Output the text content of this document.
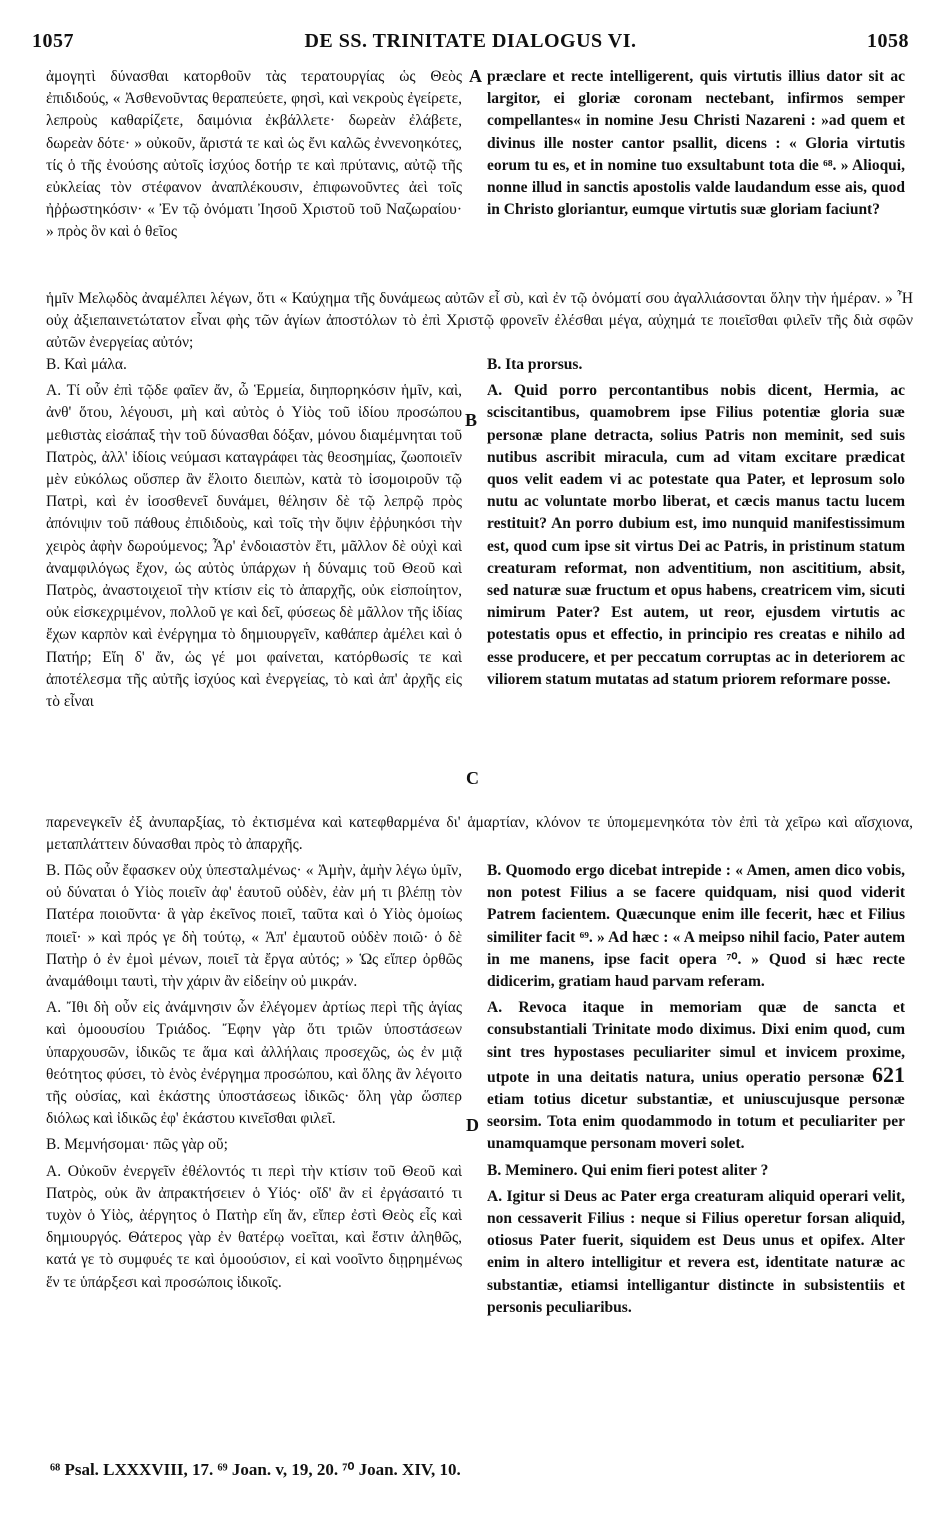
1057	DE SS. TRINITATE DIALOGUS VI.	1058
A
B
C
D

ἀμογητὶ δύνασθαι κατορθοῦν τὰς τερατουργίας ὡς Θεὸς ἐπιδιδούς, « Ἀσθενοῦντας θεραπεύετε, φησὶ, καὶ νεκροὺς ἐγείρετε, λεπροὺς καθαρίζετε, δαιμόνια ἐκβάλλετε· δωρεὰν ἐλάβετε, δωρεὰν δότε· » οὐκοῦν, ἄριστά τε καὶ ὡς ἔνι καλῶς ἐννενοηκότες, τίς ὁ τῆς ἐνούσης αὐτοῖς ἰσχύος δοτήρ τε καὶ πρύτανις, αὐτῷ τῆς εὐκλείας τὸν στέφανον ἀναπλέκουσιν, ἐπιφωνοῦντες ἀεὶ τοῖς ἠῤῥωστηκόσιν· « Ἐν τῷ ὀνόματι Ἰησοῦ Χριστοῦ τοῦ Ναζωραίου· » πρὸς ὃν καὶ ὁ θεῖος

præclare et recte intelligerent, quis virtutis illius dator sit ac largitor, ei gloriæ coronam nectebant, infirmos semper compellantes« in nomine Jesu Christi Nazareni : »ad quem et divinus ille noster cantor psallit, dicens : « Gloria virtutis eorum tu es, et in nomine tuo exsultabunt tota die ⁶⁸. » Alioqui, nonne illud in sanctis apostolis valde laudandum esse ais, quod in Christo gloriantur, eumque virtutis suæ gloriam faciunt?

ἡμῖν Μελῳδὸς ἀναμέλπει λέγων, ὅτι « Καύχημα τῆς δυνάμεως αὐτῶν εἶ σὺ, καὶ ἐν τῷ ὀνόματί σου ἀγαλλιάσονται ὅλην τὴν ἡμέραν. » Ἦ οὐχ ἀξιεπαινετώτατον εἶναι φὴς τῶν ἁγίων ἀποστόλων τὸ ἐπὶ Χριστῷ φρονεῖν ἐλέσθαι μέγα, αὐχημά τε ποιεῖσθαι φιλεῖν τῆς διὰ σφῶν αὐτῶν ἐνεργείας αὐτόν;

B. Καὶ μάλα.

A. Τί οὖν ἐπὶ τῷδε φαῖεν ἄν, ὦ Ἑρμεία, διηπορηκόσιν ἡμῖν, καὶ, ἀνθ' ὅτου, λέγουσι, μὴ καὶ αὐτὸς ὁ Υἱὸς τοῦ ἰδίου προσώπου μεθιστὰς εἰσάπαξ τὴν τοῦ δύνασθαι δόξαν, μόνου διαμέμνηται τοῦ Πατρὸς, ἀλλ' ἰδίοις νεύμασι καταγράφει τὰς θεοσημίας, ζωοποιεῖν μὲν εὐκόλως οὕσπερ ἂν ἕλοιτο διειπὼν, κατὰ τὸ ἰσομοιροῦν τῷ Πατρὶ, καὶ ἐν ἰσοσθενεῖ δυνάμει, θέλησιν δὲ τῷ λεπρῷ πρὸς ἀπόνιψιν τοῦ πάθους ἐπιδιδοὺς, καὶ τοῖς τὴν ὄψιν ἐῤῥυηκόσι τὴν χειρὸς ἀφὴν δωρούμενος; Ἆρ' ἐνδοιαστὸν ἔτι, μᾶλλον δὲ οὐχὶ καὶ ἀναμφιλόγως ἔχον, ὡς αὐτὸς ὑπάρχων ἡ δύναμις τοῦ Θεοῦ καὶ Πατρὸς, ἀναστοιχειοῖ τὴν κτίσιν εἰς τὸ ἀπαρχῆς, οὐκ εἰσποίητον, οὐκ εἰσκεχριμένον, πολλοῦ γε καὶ δεῖ, φύσεως δὲ μᾶλλον τῆς ἰδίας ἔχων καρπὸν καὶ ἐνέργημα τὸ δημιουργεῖν, καθάπερ ἀμέλει καὶ ὁ Πατήρ; Εἴη δ' ἄν, ὡς γέ μοι φαίνεται, κατόρθωσίς τε καὶ ἀποτέλεσμα τῆς αὐτῆς ἰσχύος καὶ ἐνεργείας, τὸ καὶ ἀπ' ἀρχῆς εἰς τὸ εἶναι

B. Ita prorsus.

A. Quid porro percontantibus nobis dicent, Hermia, ac sciscitantibus, quamobrem ipse Filius potentiæ gloria suæ personæ plane detracta, solius Patris non meminit, sed suis nutibus ascribit miracula, cum ad vitam excitare prædicat quos velit eadem vi ac potestate qua Pater, et leprosum solo nutu ac voluntate morbo liberat, et cæcis manus tactu lucem restituit? An porro dubium est, imo nunquid manifestissimum est, quod cum ipse sit virtus Dei ac Patris, in pristinum statum creaturam reformat, non adventitium, non ascititium, absit, sed naturæ suæ fructum et opus habens, creatricem vim, sicuti nimirum Pater? Est autem, ut reor, ejusdem virtutis ac potestatis opus et effectio, in principio res creatas e nihilo ad esse producere, et per peccatum corruptas ac in deteriorem ac viliorem statum mutatas ad statum priorem reformare posse.

παρενεγκεῖν ἐξ ἀνυπαρξίας, τὸ ἐκτισμένα καὶ κατεφθαρμένα δι' ἁμαρτίαν, κλόνον τε ὑπομεμενηκότα τὸν ἐπὶ τὰ χεῖρω καὶ αἴσχιονα, μεταπλάττειν δύνασθαι πρὸς τὸ ἀπαρχῆς.

B. Πῶς οὖν ἔφασκεν οὐχ ὑπεσταλμένως· « Ἀμὴν, ἀμὴν λέγω ὑμῖν, οὐ δύναται ὁ Υἱὸς ποιεῖν ἀφ' ἑαυτοῦ οὐδὲν, ἐὰν μή τι βλέπῃ τὸν Πατέρα ποιοῦντα· ἃ γὰρ ἐκεῖνος ποιεῖ, ταῦτα καὶ ὁ Υἱὸς ὁμοίως ποιεῖ· » καὶ πρός γε δὴ τούτῳ, « Ἀπ' ἐμαυτοῦ οὐδὲν ποιῶ· ὁ δὲ Πατὴρ ὁ ἐν ἐμοὶ μένων, ποιεῖ τὰ ἔργα αὐτός; » Ὡς εἴπερ ὀρθῶς ἀναμάθοιμι ταυτὶ, τὴν χάριν ἂν εἰδείην οὐ μικράν.

A. Ἴθι δὴ οὖν εἰς ἀνάμνησιν ὧν ἐλέγομεν ἀρτίως περὶ τῆς ἁγίας καὶ ὁμοουσίου Τριάδος. Ἔφην γὰρ ὅτι τριῶν ὑποστάσεων ὑπαρχουσῶν, ἰδικῶς τε ἅμα καὶ ἀλλήλαις προσεχῶς, ὡς ἐν μιᾷ θεότητος φύσει, τὸ ἑνὸς ἐνέργημα προσώπου, καὶ ὅλης ἂν λέγοιτο τῆς οὐσίας, καὶ ἑκάστης ὑποστάσεως ἰδικῶς· ὅλη γὰρ ὥσπερ διόλως καὶ ἰδικῶς ἐφ' ἑκάστου κινεῖσθαι φιλεῖ.

B. Μεμνήσομαι· πῶς γὰρ οὔ;

A. Οὐκοῦν ἐνεργεῖν ἐθέλοντός τι περὶ τὴν κτίσιν τοῦ Θεοῦ καὶ Πατρὸς, οὐκ ἂν ἀπρακτήσειεν ὁ Υἱός· οἴδ' ἂν εἰ ἐργάσαιτό τι τυχὸν ὁ Υἱὸς, ἀέργητος ὁ Πατὴρ εἴη ἄν, εἴπερ ἐστὶ Θεὸς εἷς καὶ δημιουργός. Θάτερος γὰρ ἐν θατέρῳ νοεῖται, καὶ ἔστιν ἀληθῶς, κατά γε τὸ συμφυές τε καὶ ὁμοούσιον, εἰ καὶ νοοῖντο διῃρημένως ἕν τε ὑπάρξεσι καὶ προσώποις ἰδικοῖς.

B. Quomodo ergo dicebat intrepide : « Amen, amen dico vobis, non potest Filius a se facere quidquam, nisi quod viderit Patrem facientem. Quæcunque enim ille fecerit, hæc et Filius similiter facit ⁶⁹. » Ad hæc : « A meipso nihil facio, Pater autem in me manens, ipse facit opera ⁷⁰. » Quod si hæc recte didicerim, gratiam haud parvam referam.

A. Revoca itaque in memoriam quæ de sancta et consubstantiali Trinitate modo diximus. Dixi enim quod, cum sint tres hypostases peculiariter simul et invicem proxime, utpote in una deitatis natura, unius operatio personæ 621 etiam totius dicetur substantiæ, et uniuscujusque personæ seorsim. Tota enim quodammodo in totum et peculiariter per unamquamque personam moveri solet.

B. Meminero. Qui enim fieri potest aliter ?

A. Igitur si Deus ac Pater erga creaturam aliquid operari velit, non cessaverit Filius : neque si Filius operetur forsan aliquid, otiosus Pater fuerit, siquidem est Deus unus et opifex. Alter enim in altero intelligitur et revera est, identitate naturæ ac substantiæ, etiamsi intelligantur distincte in subsistentiis et personis peculiaribus.

⁶⁸ Psal. LXXXVIII, 17. ⁶⁹ Joan. v, 19, 20. ⁷⁰ Joan. XIV, 10.
